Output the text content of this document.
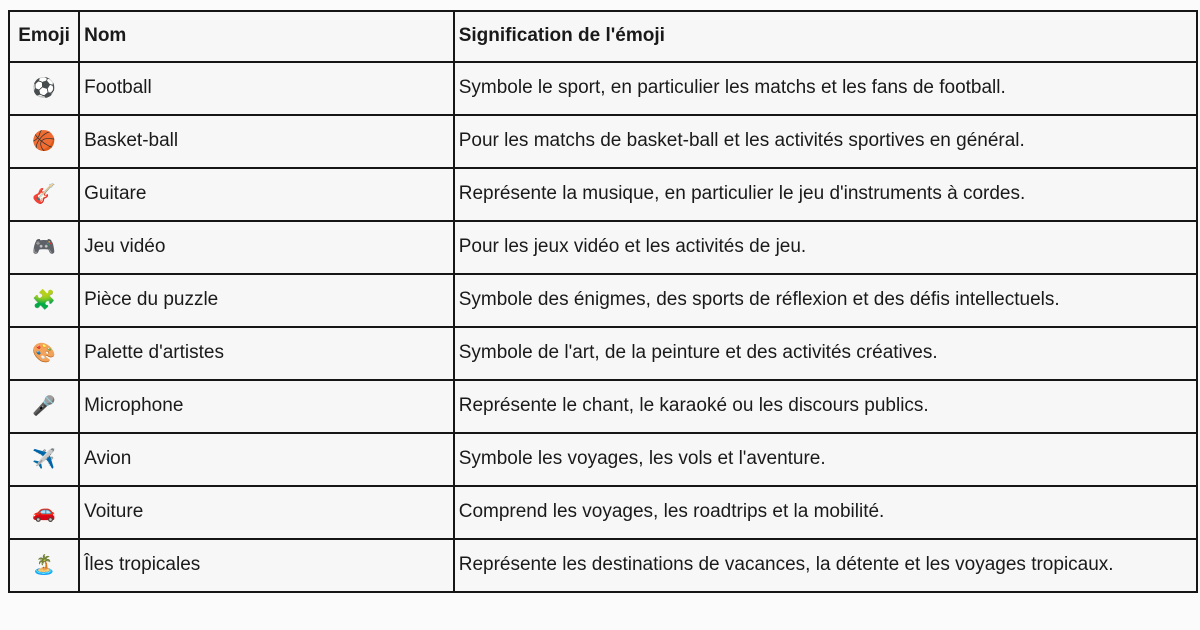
Emoji	Nom	Signification de l'émoji
⚽	Football	Symbole le sport, en particulier les matchs et les fans de football.
🏀	Basket-ball	Pour les matchs de basket-ball et les activités sportives en général.
🎸	Guitare	Représente la musique, en particulier le jeu d'instruments à cordes.
🎮	Jeu vidéo	Pour les jeux vidéo et les activités de jeu.
🧩	Pièce du puzzle	Symbole des énigmes, des sports de réflexion et des défis intellectuels.
🎨	Palette d'artistes	Symbole de l'art, de la peinture et des activités créatives.
🎤	Microphone	Représente le chant, le karaoké ou les discours publics.
✈️	Avion	Symbole les voyages, les vols et l'aventure.
🚗	Voiture	Comprend les voyages, les roadtrips et la mobilité.
🏝️	Îles tropicales	Représente les destinations de vacances, la détente et les voyages tropicaux.
